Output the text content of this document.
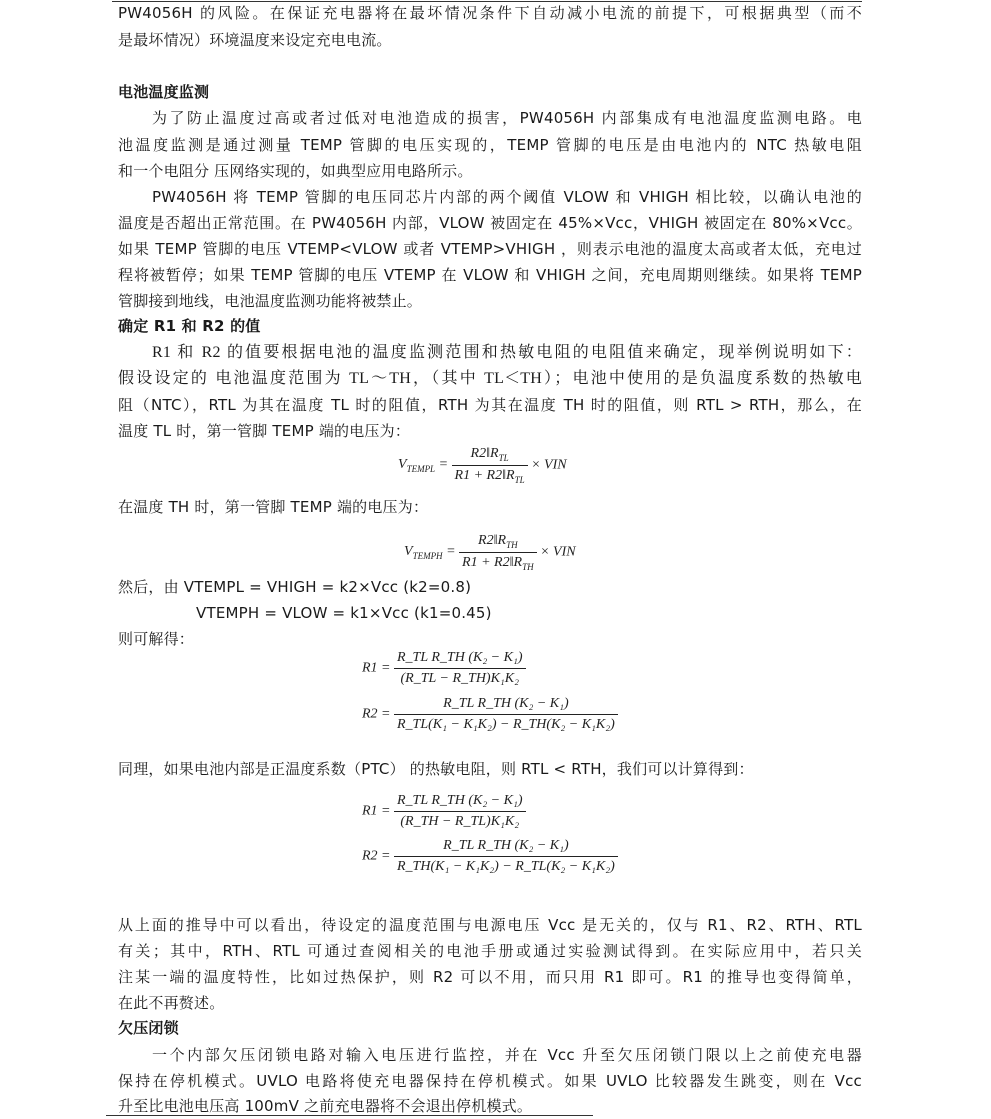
PW4056H 的风险。在保证充电器将在最坏情况条件下自动减小电流的前提下，可根据典型（而不
是最坏情况）环境温度来设定充电电流。
电池温度监测
为了防止温度过高或者过低对电池造成的损害，PW4056H 内部集成有电池温度监测电路。电
池温度监测是通过测量 TEMP 管脚的电压实现的，TEMP 管脚的电压是由电池内的 NTC 热敏电阻
和一个电阻分 压网络实现的，如典型应用电路所示。
PW4056H 将 TEMP 管脚的电压同芯片内部的两个阈值 VLOW 和 VHIGH 相比较，以确认电池的
温度是否超出正常范围。在 PW4056H 内部，VLOW 被固定在 45%×Vcc，VHIGH 被固定在 80%×Vcc。
如果 TEMP 管脚的电压 VTEMP<VLOW 或者 VTEMP>VHIGH ，则表示电池的温度太高或者太低，充电过
程将被暂停；如果 TEMP 管脚的电压 VTEMP 在 VLOW 和 VHIGH 之间，充电周期则继续。如果将 TEMP
管脚接到地线，电池温度监测功能将被禁止。
确定 R1 和 R2 的值
R1 和 R2 的值要根据电池的温度监测范围和热敏电阻的电阻值来确定，现举例说明如下：
假设设定的 电池温度范围为 TL～TH，（其中 TL＜TH）；电池中使用的是负温度系数的热敏电
阻（NTC），RTL 为其在温度 TL 时的阻值，RTH 为其在温度 TH 时的阻值，则 RTL > RTH，那么，在
温度 TL 时，第一管脚 TEMP 端的电压为：
在温度 TH 时，第一管脚 TEMP 端的电压为：
然后，由 VTEMPL = VHIGH = k2×Vcc (k2=0.8)
VTEMPH = VLOW = k1×Vcc (k1=0.45)
则可解得：
同理，如果电池内部是正温度系数（PTC） 的热敏电阻，则 RTL < RTH，我们可以计算得到：
从上面的推导中可以看出，待设定的温度范围与电源电压 Vcc 是无关的，仅与 R1、R2、RTH、RTL
有关；其中，RTH、RTL 可通过查阅相关的电池手册或通过实验测试得到。在实际应用中，若只关
注某一端的温度特性，比如过热保护，则 R2 可以不用，而只用 R1 即可。R1 的推导也变得简单，
在此不再赘述。
欠压闭锁
一个内部欠压闭锁电路对输入电压进行监控，并在 Vcc 升至欠压闭锁门限以上之前使充电器
保持在停机模式。UVLO 电路将使充电器保持在停机模式。如果 UVLO 比较器发生跳变，则在 Vcc
升至比电池电压高 100mV 之前充电器将不会退出停机模式。
$V_{TEMPL} = \frac{R2‖R_{TL}}{R1 + R2‖R_{TL}}$ × VIN
$V_{TEMPH} = \frac{R2‖R_{TH}}{R1 + R2‖R_{TH}}$ × VIN
$R1 = \frac{\text{R\_TL R\_TH (K₂ − K₁)}}{\text{(R\_TL − R\_TH)K₁K₂}}$
$R2 = \frac{\text{R\_TL R\_TH (K₂ − K₁)}}{\text{R\_TL(K₁ − K₁K₂) − R\_TH(K₂ − K₁K₂)}}$
$R1 = \frac{\text{R\_TL R\_TH (K₂ − K₁)}}{\text{(R\_TH − R\_TL)K₁K₂}}$
$R2 = \frac{\text{R\_TL R\_TH (K₂ − K₁)}}{\text{R\_TH(K₁ − K₁K₂) − R\_TL(K₂ − K₁K₂)}}$
